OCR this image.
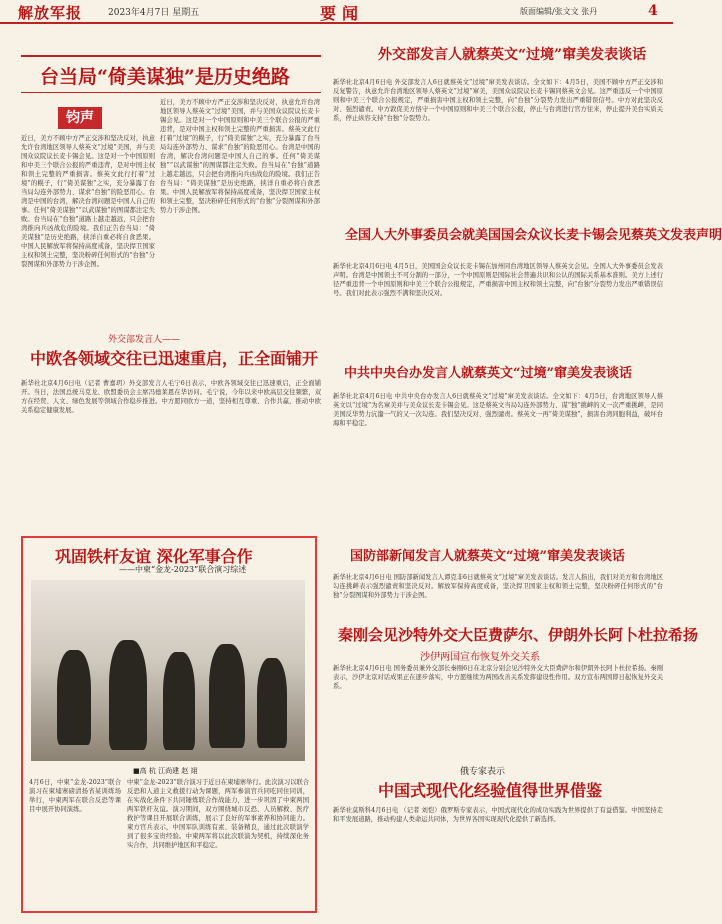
解放军报	2023年4月7日 星期五	要闻	版面编辑/张文文 张丹	4
台当局“倚美谋独”是历史绝路
钧声
近日，美方不顾中方严正交涉和坚决反对，执意允许台湾地区领导人蔡英文“过境”美国，并与美国众议院议长麦卡锡会见。这是对一个中国原则和中美三个联合公报的严重违背，是对中国主权和领土完整的严重损害。蔡英文此行打着“过境”的幌子，行“倚美谋独”之实，充分暴露了台当局勾连外部势力、谋求“台独”的险恶用心。台湾是中国的台湾，解决台湾问题是中国人自己的事。任何“倚美谋独”“以武谋独”的图谋都注定失败。台当局在“台独”道路上越走越远，只会把台湾推向兵凶战危的险境。我们正告台当局：“倚美谋独”是历史绝路，挟洋自重必将自食恶果。中国人民解放军将保持高度戒备，坚决捍卫国家主权和领土完整，坚决粉碎任何形式的“台独”分裂图谋和外部势力干涉企图。
近日，美方不顾中方严正交涉和坚决反对，执意允许台湾地区领导人蔡英文“过境”美国，并与美国众议院议长麦卡锡会见。这是对一个中国原则和中美三个联合公报的严重违背，是对中国主权和领土完整的严重损害。蔡英文此行打着“过境”的幌子，行“倚美谋独”之实，充分暴露了台当局勾连外部势力、谋求“台独”的险恶用心。台湾是中国的台湾，解决台湾问题是中国人自己的事。任何“倚美谋独”“以武谋独”的图谋都注定失败。台当局在“台独”道路上越走越远，只会把台湾推向兵凶战危的险境。我们正告台当局：“倚美谋独”是历史绝路，挟洋自重必将自食恶果。中国人民解放军将保持高度戒备，坚决捍卫国家主权和领土完整，坚决粉碎任何形式的“台独”分裂图谋和外部势力干涉企图。
外交部发言人就蔡英文“过境”窜美发表谈话
新华社北京4月6日电 外交部发言人6日就蔡英文“过境”窜美发表谈话。全文如下：4月5日，美国不顾中方严正交涉和反复警告，执意允许台湾地区领导人蔡英文“过境”窜美，美国众议院议长麦卡锡同蔡英文会见。这严重违反一个中国原则和中美三个联合公报规定，严重损害中国主权和领土完整，向“台独”分裂势力发出严重错误信号。中方对此坚决反对、强烈谴责。中方敦促美方恪守一个中国原则和中美三个联合公报，停止与台湾进行官方往来，停止提升美台实质关系，停止纵容支持“台独”分裂势力。
全国人大外事委员会就美国国会众议长麦卡锡会见蔡英文发表声明
新华社北京4月6日电 4月5日，美国国会众议长麦卡锡在加州同台湾地区领导人蔡英文会见。全国人大外事委员会发表声明。台湾是中国领土不可分割的一部分，一个中国原则是国际社会普遍共识和公认的国际关系基本准则。美方上述行径严重违背一个中国原则和中美三个联合公报规定，严重损害中国主权和领土完整，向“台独”分裂势力发出严重错误信号。我们对此表示强烈不满和坚决反对。
外交部发言人——
中欧各领域交往已迅速重启，正全面铺开
新华社北京4月6日电（记者 曹嘉玥）外交部发言人毛宁6日表示，中欧各领域交往已迅速重启，正全面铺开。当日，法国总统马克龙、欧盟委员会主席冯德莱恩在华访问。毛宁说，今年以来中欧高层交往频繁，双方在经贸、人文、绿色发展等领域合作稳步推进。中方愿同欧方一道，坚持相互尊重、合作共赢，推动中欧关系稳定健康发展。
中共中央台办发言人就蔡英文“过境”窜美发表谈话
新华社北京4月6日电 中共中央台办发言人6日就蔡英文“过境”窜美发表谈话。全文如下：4月5日，台湾地区领导人蔡英文以“过境”为名窜美并与美众议长麦卡锡会见。这是蔡英文当局勾连外部势力、谋“独”挑衅的又一次严重挑衅，是同美国反华势力沆瀣一气的又一次勾连。我们坚决反对、强烈谴责。蔡英文一再“倚美谋独”，损害台湾同胞利益，破坏台海和平稳定。
国防部新闻发言人就蔡英文“过境”窜美发表谈话
新华社北京4月6日电 国防部新闻发言人谭克非6日就蔡英文“过境”窜美发表谈话。发言人指出，我们对美方和台湾地区勾连挑衅表示强烈谴责和坚决反对。解放军保持高度戒备，坚决捍卫国家主权和领土完整，坚决粉碎任何形式的“台独”分裂图谋和外部势力干涉企图。
秦刚会见沙特外交大臣费萨尔、伊朗外长阿卜杜拉希扬
沙伊两国宣布恢复外交关系
新华社北京4月6日电 国务委员兼外交部长秦刚6日在北京分别会见沙特外交大臣费萨尔和伊朗外长阿卜杜拉希扬。秦刚表示，沙伊北京对话成果正在逐步落实，中方愿继续为两国改善关系发挥建设性作用。双方宣布两国即日起恢复外交关系。
俄专家表示
中国式现代化经验值得世界借鉴
新华社莫斯科4月6日电 （记者 刘恺）俄罗斯专家表示，中国式现代化的成功实践为世界提供了有益借鉴。中国坚持走和平发展道路，推动构建人类命运共同体，为世界各国实现现代化提供了新选择。
巩固铁杆友谊 深化军事合作
——中柬“金龙-2023”联合演习综述
■高 杭 江尚建 赵 翊
4月6日，中柬“金龙-2023”联合演习在柬埔寨磅清扬省某训练场举行，中柬两军在联合反恐等课目中展开协同演练。
中柬“金龙-2023”联合演习于近日在柬埔寨举行。此次演习以联合反恐和人道主义救援行动为课题，两军参演官兵同吃同住同训，在实战化条件下共同锤炼联合作战能力，进一步巩固了中柬两国两军铁杆友谊。演习期间，双方围绕城市反恐、人员解救、医疗救护等课目开展联合训练，展示了良好的军事素养和协同能力。柬方官兵表示，中国军队训练有素、装备精良，通过此次联演学到了很多宝贵经验。中柬两军将以此次联演为契机，持续深化务实合作，共同维护地区和平稳定。
